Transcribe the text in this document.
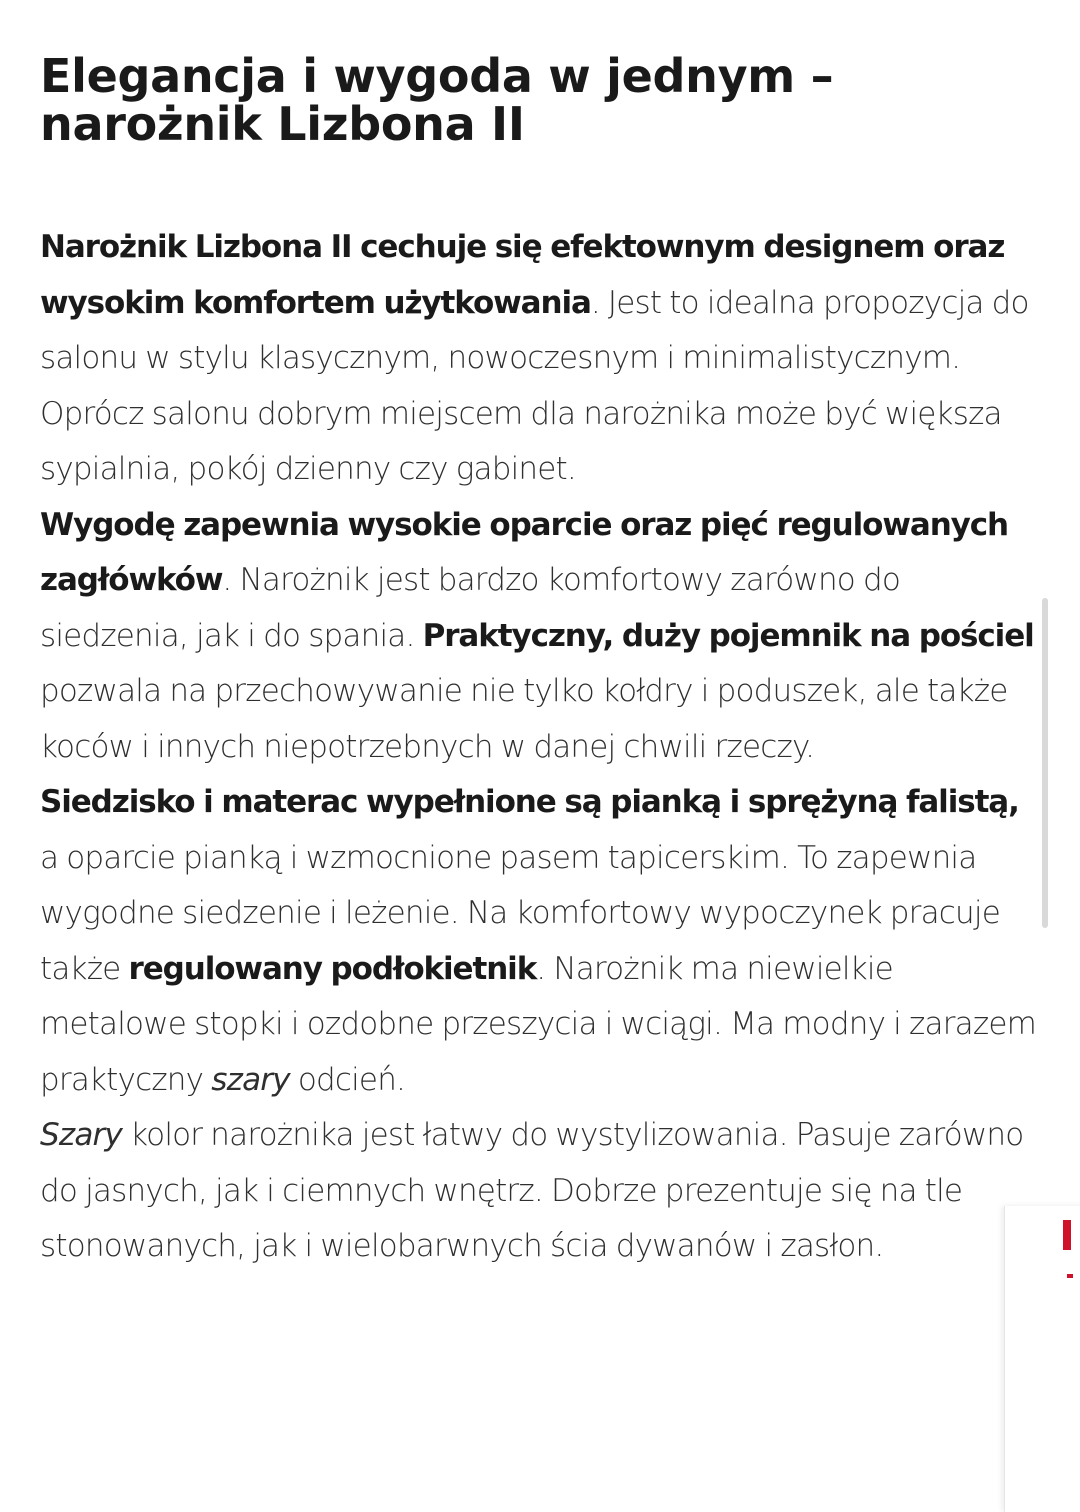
Elegancja i wygoda w jednym –
narożnik Lizbona II

Narożnik Lizbona II cechuje się efektownym designem oraz wysokim komfortem użytkowania. Jest to idealna propozycja do salonu w stylu klasycznym, nowoczesnym i minimalistycznym. Oprócz salonu dobrym miejscem dla narożnika może być większa sypialnia, pokój dzienny czy gabinet.

Wygodę zapewnia wysokie oparcie oraz pięć regulowanych zagłówków. Narożnik jest bardzo komfortowy zarówno do siedzenia, jak i do spania. Praktyczny, duży pojemnik na pościel pozwala na przechowywanie nie tylko kołdry i poduszek, ale także koców i innych niepotrzebnych w danej chwili rzeczy.

Siedzisko i materac wypełnione są pianką i sprężyną falistą, a oparcie pianką i wzmocnione pasem tapicerskim. To zapewnia wygodne siedzenie i leżenie. Na komfortowy wypoczynek pracuje także regulowany podłokietnik. Narożnik ma niewielkie metalowe stopki i ozdobne przeszycia i wciągi. Ma modny i zarazem praktyczny szary odcień.

Szary kolor narożnika jest łatwy do wystylizowania. Pasuje zarówno do jasnych, jak i ciemnych wnętrz. Dobrze prezentuje się na tle stonowanych, jak i wielobarwnych ścia dywanów i zasłon.
